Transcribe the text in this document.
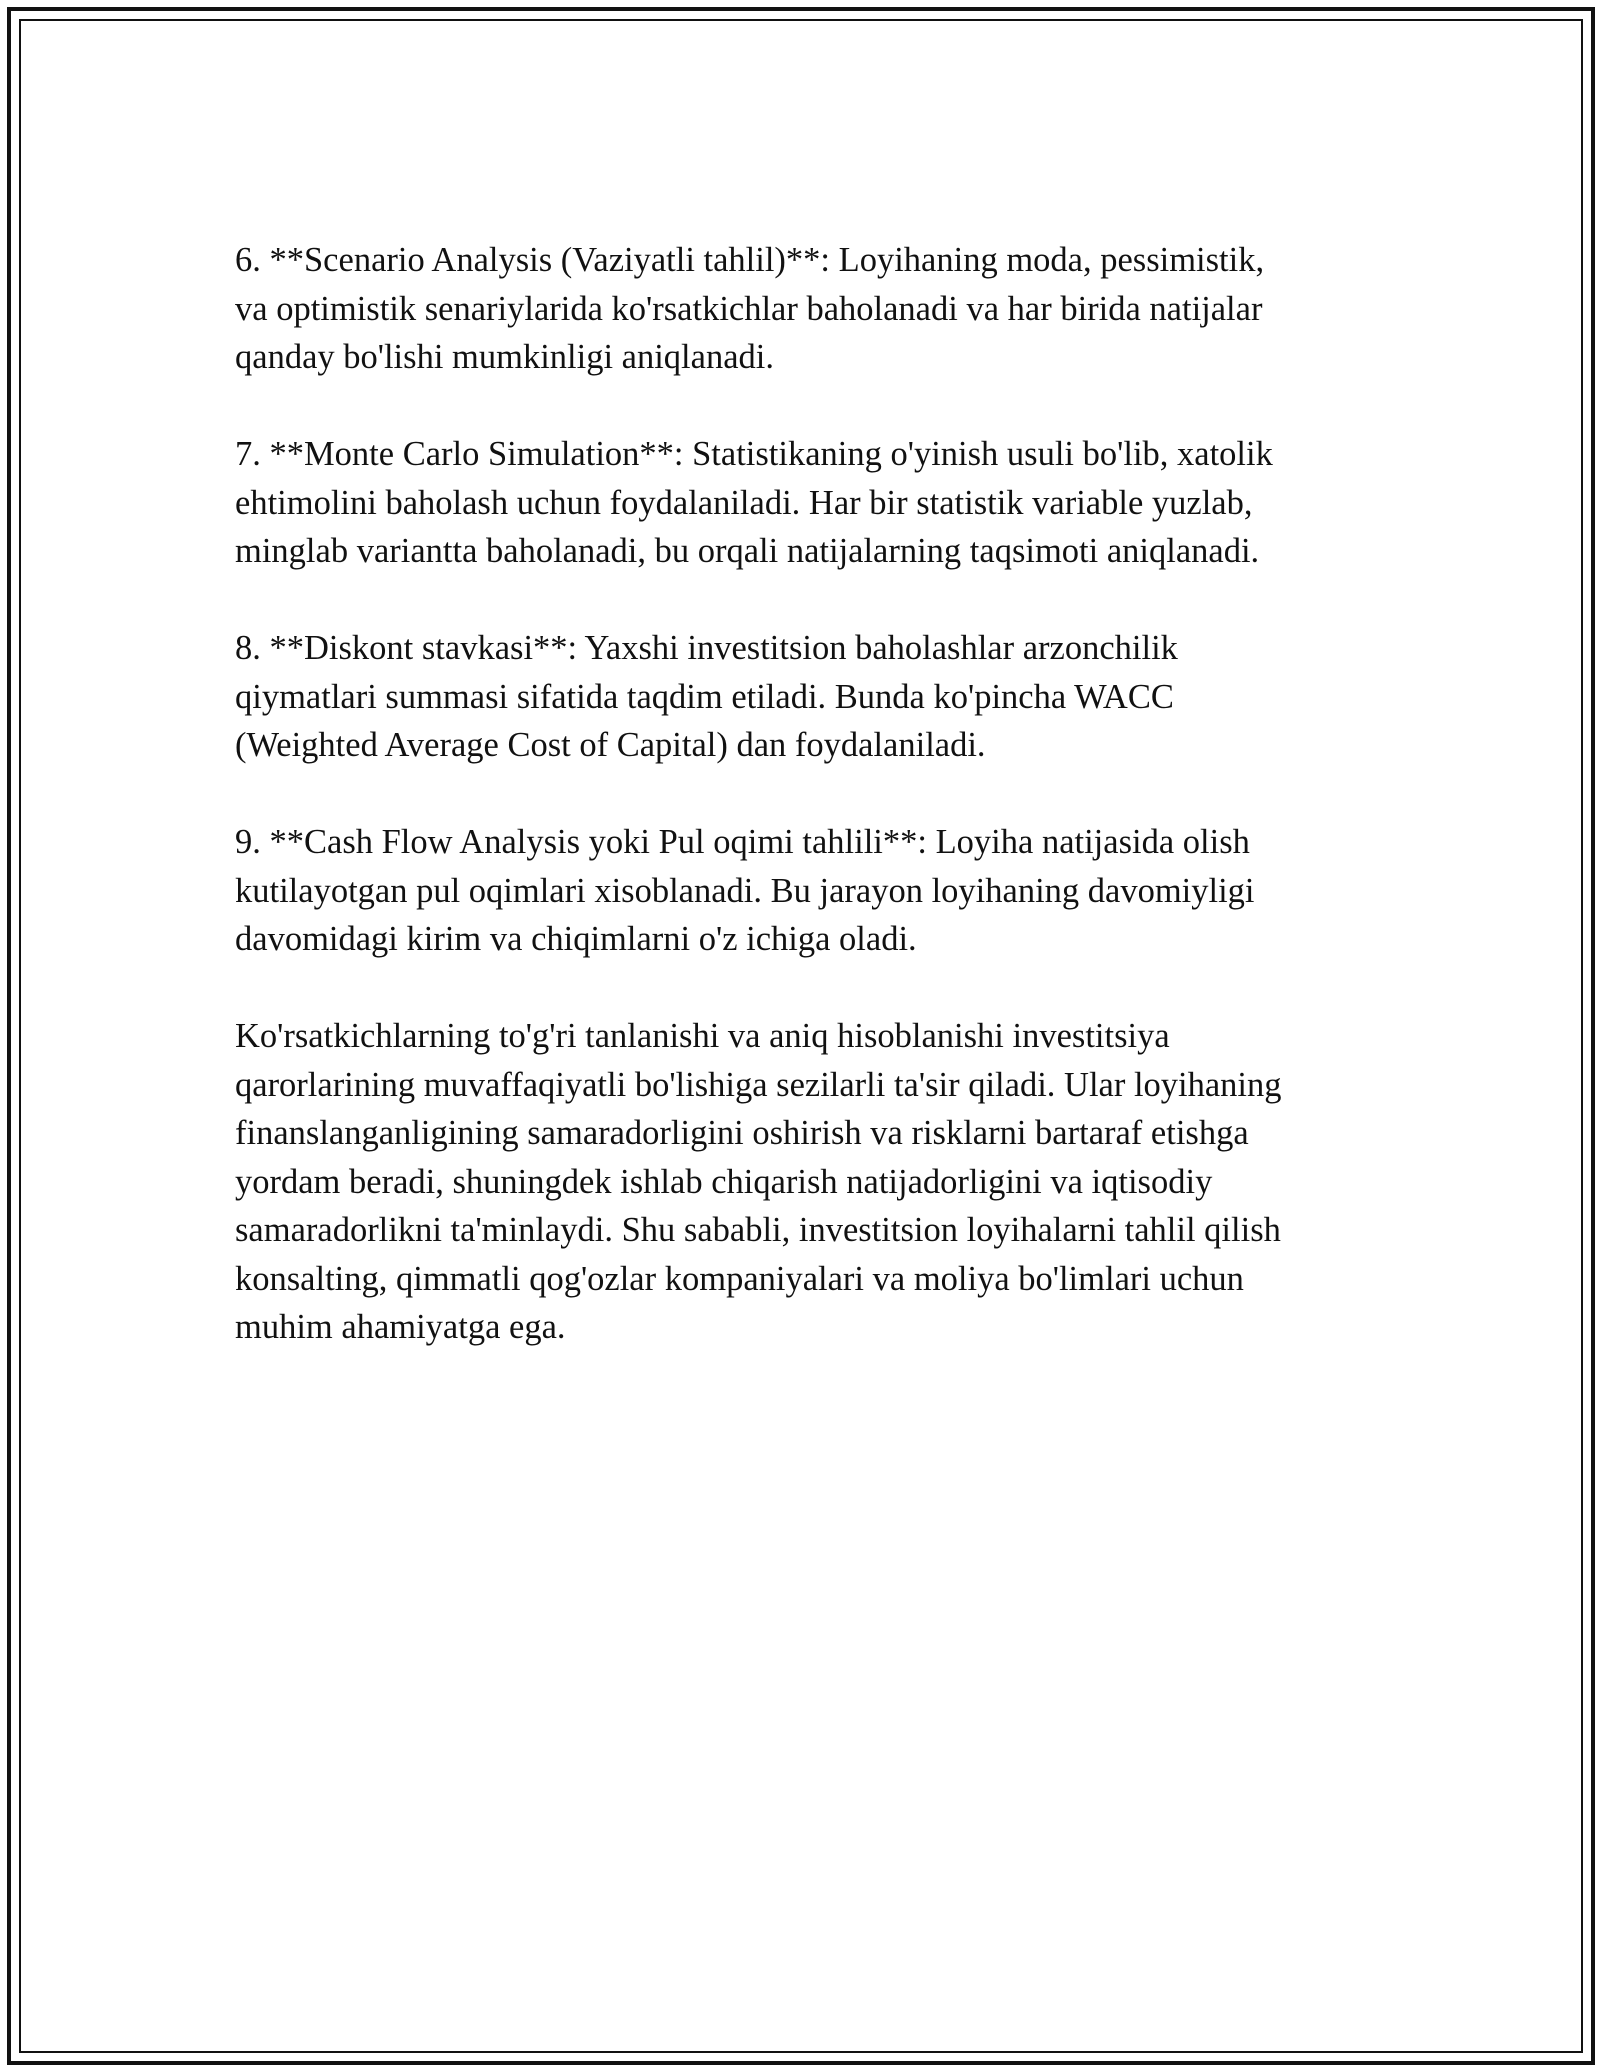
6. **Scenario Analysis (Vaziyatli tahlil)**: Loyihaning moda, pessimistik,
va optimistik senariylarida ko'rsatkichlar baholanadi va har birida natijalar
qanday bo'lishi mumkinligi aniqlanadi.

7. **Monte Carlo Simulation**: Statistikaning o'yinish usuli bo'lib, xatolik
ehtimolini baholash uchun foydalaniladi. Har bir statistik variable yuzlab,
minglab variantta baholanadi, bu orqali natijalarning taqsimoti aniqlanadi.

8. **Diskont stavkasi**: Yaxshi investitsion baholashlar arzonchilik
qiymatlari summasi sifatida taqdim etiladi. Bunda ko'pincha WACC
(Weighted Average Cost of Capital) dan foydalaniladi.

9. **Cash Flow Analysis yoki Pul oqimi tahlili**: Loyiha natijasida olish
kutilayotgan pul oqimlari xisoblanadi. Bu jarayon loyihaning davomiyligi
davomidagi kirim va chiqimlarni o'z ichiga oladi.

Ko'rsatkichlarning to'g'ri tanlanishi va aniq hisoblanishi investitsiya
qarorlarining muvaffaqiyatli bo'lishiga sezilarli ta'sir qiladi. Ular loyihaning
finanslanganligining samaradorligini oshirish va risklarni bartaraf etishga
yordam beradi, shuningdek ishlab chiqarish natijadorligini va iqtisodiy
samaradorlikni ta'minlaydi. Shu sababli, investitsion loyihalarni tahlil qilish
konsalting, qimmatli qog'ozlar kompaniyalari va moliya bo'limlari uchun
muhim ahamiyatga ega.
